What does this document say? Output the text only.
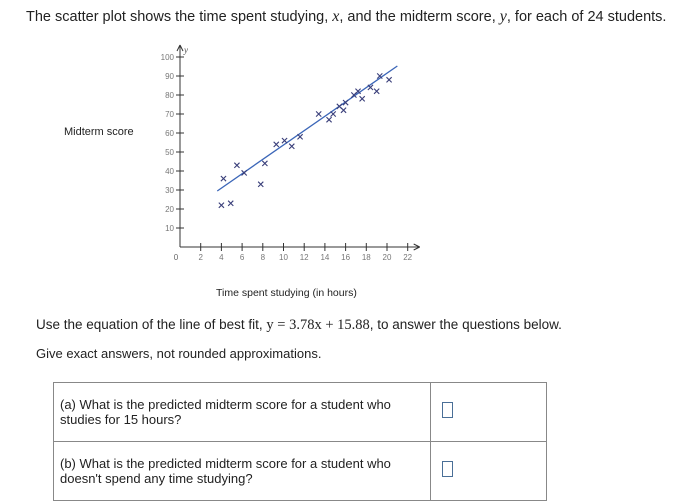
The scatter plot shows the time spent studying, x, and the midterm score, y, for each of 24 students.
y
0	2 4 6 8 10 12 14 16 18 20 22
10
20
30
40
50
60
70
80
90
100
Midterm score
Time spent studying (in hours)
Use the equation of the line of best fit, y = 3.78x + 15.88, to answer the questions below.
Give exact answers, not rounded approximations.
(a) What is the predicted midterm score for a student who studies for 15 hours?	
(b) What is the predicted midterm score for a student who doesn't spend any time studying?	
